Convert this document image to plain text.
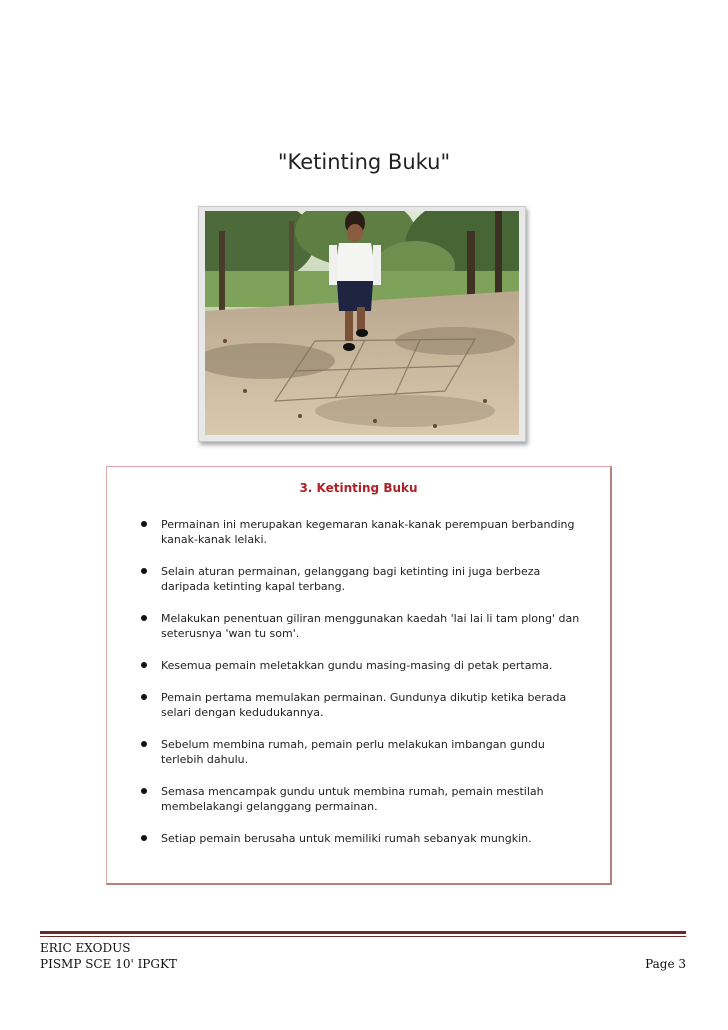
"Ketinting Buku"
3. Ketinting Buku
Permainan ini merupakan kegemaran kanak-kanak perempuan berbanding kanak-kanak lelaki.
Selain aturan permainan, gelanggang bagi ketinting ini juga berbeza daripada ketinting kapal terbang.
Melakukan penentuan giliran menggunakan kaedah 'lai lai li tam plong' dan seterusnya 'wan tu som'.
Kesemua pemain meletakkan gundu masing-masing di petak pertama.
Pemain pertama memulakan permainan. Gundunya dikutip ketika berada selari dengan kedudukannya.
Sebelum membina rumah, pemain perlu melakukan imbangan gundu terlebih dahulu.
Semasa mencampak gundu untuk membina rumah, pemain mestilah membelakangi gelanggang permainan.
Setiap pemain berusaha untuk memiliki rumah sebanyak mungkin.
ERIC EXODUS
PISMP SCE 10' IPGKT	Page 3
